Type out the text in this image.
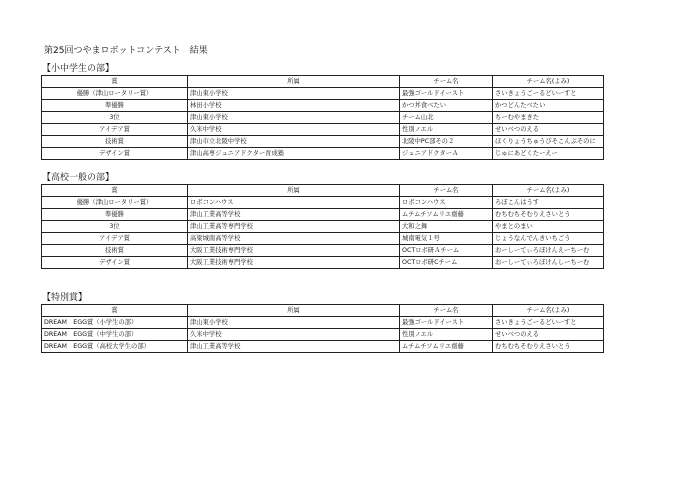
第25回つやまロボットコンテスト　結果
【小中学生の部】
賞	所属	チーム名	チーム名(よみ)
優勝（津山ロータリー賞）	津山東小学校	最強ゴールドイースト	さいきょうごーるどいーすと
準優勝	林田小学校	かつ丼食べたい	かつどんたべたい
3位	津山東小学校	チーム山北	ちーむやまきた
アイデア賞	久米中学校	性別ノエル	せいべつのえる
技術賞	津山市立北陵中学校	北陵中PC部その２	ほくりょうちゅうぴそこんぶそのに
デザイン賞	津山高専ジュニアドクター育成塾	ジュニアドクターＡ	じゅにあどくたーえー
【高校一般の部】
賞	所属	チーム名	チーム名(よみ)
優勝（津山ロータリー賞）	ロボコンハウス	ロボコンハウス	ろぼこんはうす
準優勝	津山工業高等学校	ムチムチソムリエ齋藤	むちむちそむりえさいとう
3位	津山工業高等専門学校	大和之舞	やまとのまい
アイデア賞	高梁城南高等学校	城南電気１号	じょうなんでんきいちごう
技術賞	大阪工業技術専門学校	OCTロボ研Ａチーム	おーしーてぃろぼけんえーちーむ
デザイン賞	大阪工業技術専門学校	OCTロボ研Cチーム	おーしーてぃろぼけんしーちーむ
【特別賞】
賞	所属	チーム名	チーム名(よみ)
DREAM　EGG賞（小学生の部）	津山東小学校	最強ゴールドイースト	さいきょうごーるどいーすと
DREAM　EGG賞（中学生の部）	久米中学校	性別ノエル	せいべつのえる
DREAM　EGG賞（高校大学生の部）	津山工業高等学校	ムチムチソムリエ齋藤	むちむちそむりえさいとう
